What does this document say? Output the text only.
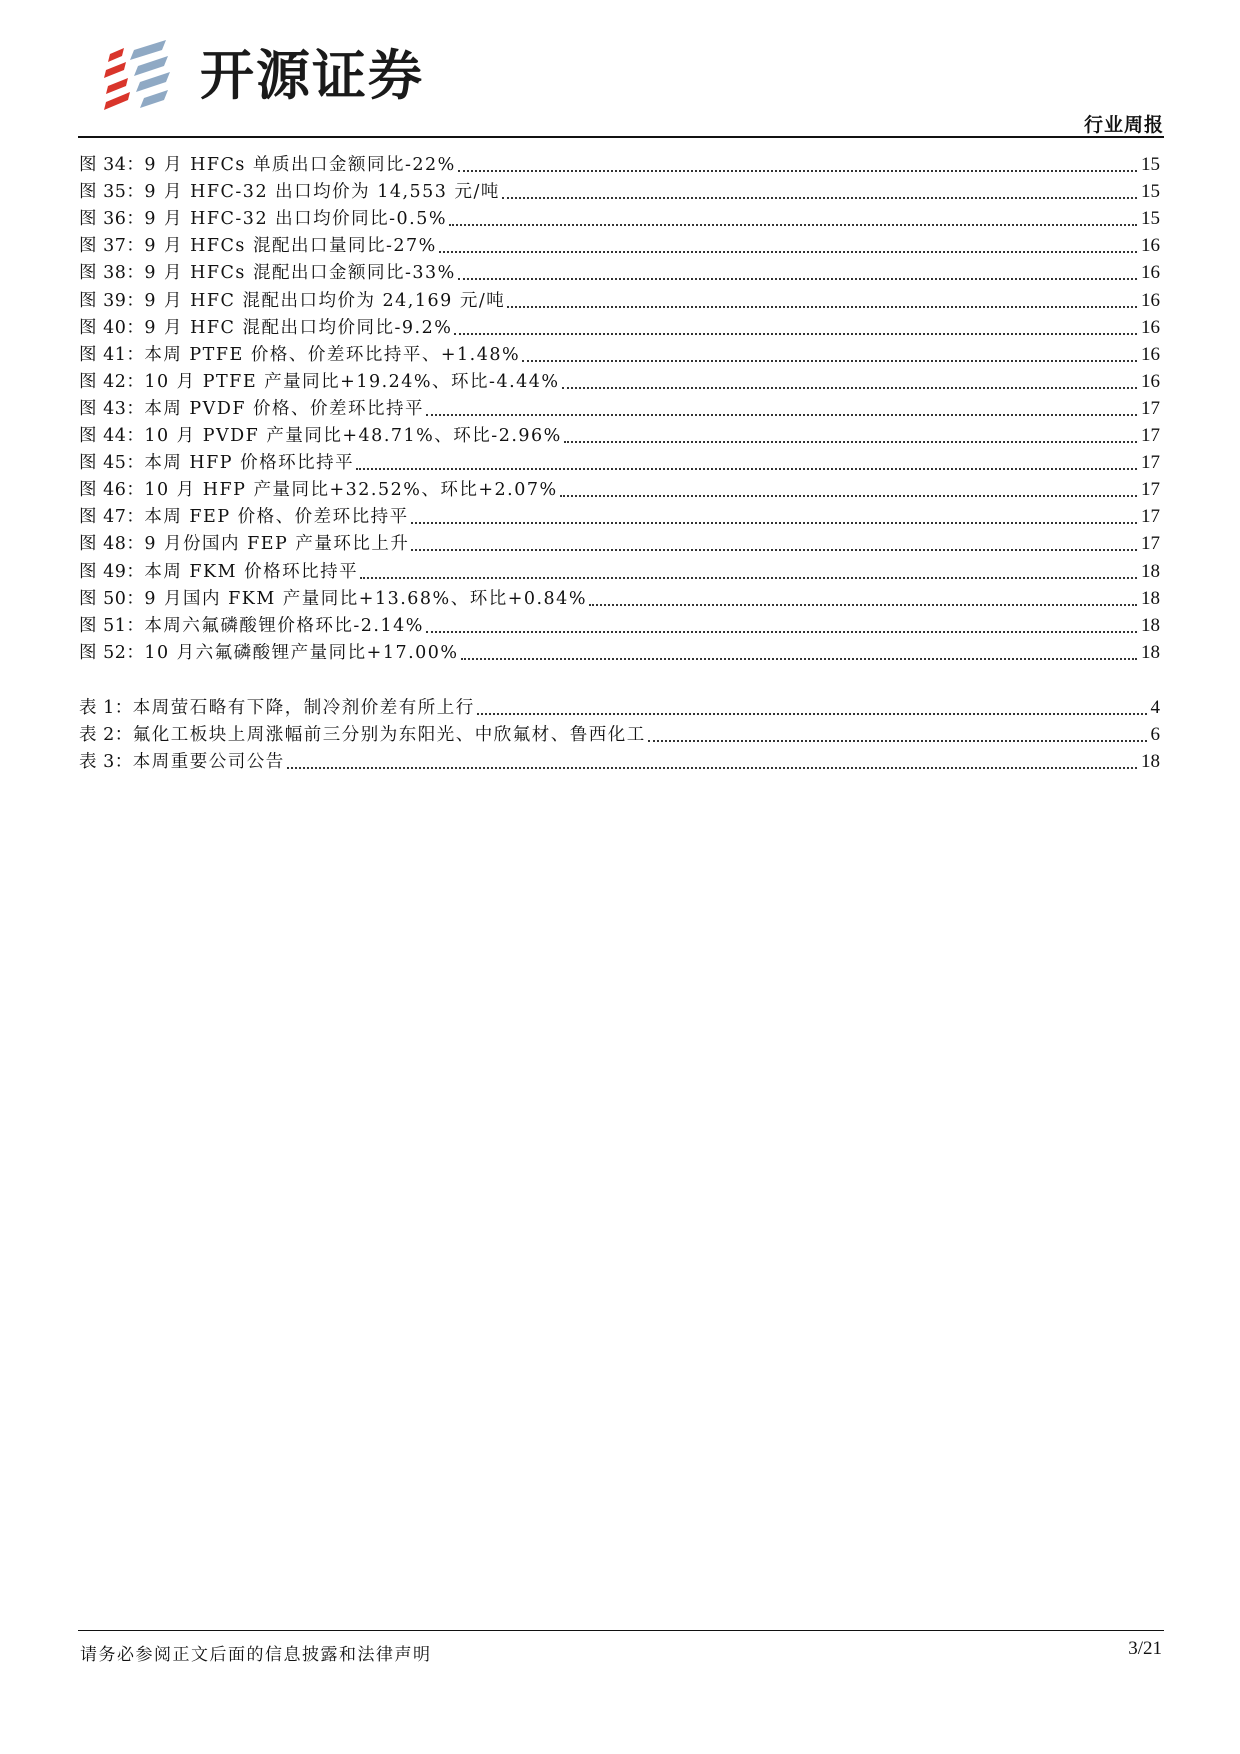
开源证券
行业周报
图 34： 9 月 HFCs 单质出口金额同比-22%	15
图 35： 9 月 HFC-32 出口均价为 14,553 元/吨	15
图 36： 9 月 HFC-32 出口均价同比-0.5%	15
图 37： 9 月 HFCs 混配出口量同比-27%	16
图 38： 9 月 HFCs 混配出口金额同比-33%	16
图 39： 9 月 HFC 混配出口均价为 24,169 元/吨	16
图 40： 9 月 HFC 混配出口均价同比-9.2%	16
图 41： 本周 PTFE 价格、价差环比持平、+1.48%	16
图 42： 10 月 PTFE 产量同比+19.24%、环比-4.44%	16
图 43： 本周 PVDF 价格、价差环比持平	17
图 44： 10 月 PVDF 产量同比+48.71%、环比-2.96%	17
图 45： 本周 HFP 价格环比持平	17
图 46： 10 月 HFP 产量同比+32.52%、环比+2.07%	17
图 47： 本周 FEP 价格、价差环比持平	17
图 48： 9 月份国内 FEP 产量环比上升	17
图 49： 本周 FKM 价格环比持平	18
图 50： 9 月国内 FKM 产量同比+13.68%、环比+0.84%	18
图 51： 本周六氟磷酸锂价格环比-2.14%	18
图 52： 10 月六氟磷酸锂产量同比+17.00%	18
表 1： 本周萤石略有下降，制冷剂价差有所上行	4
表 2： 氟化工板块上周涨幅前三分别为东阳光、中欣氟材、鲁西化工	6
表 3： 本周重要公司公告	18
请务必参阅正文后面的信息披露和法律声明	3/21
